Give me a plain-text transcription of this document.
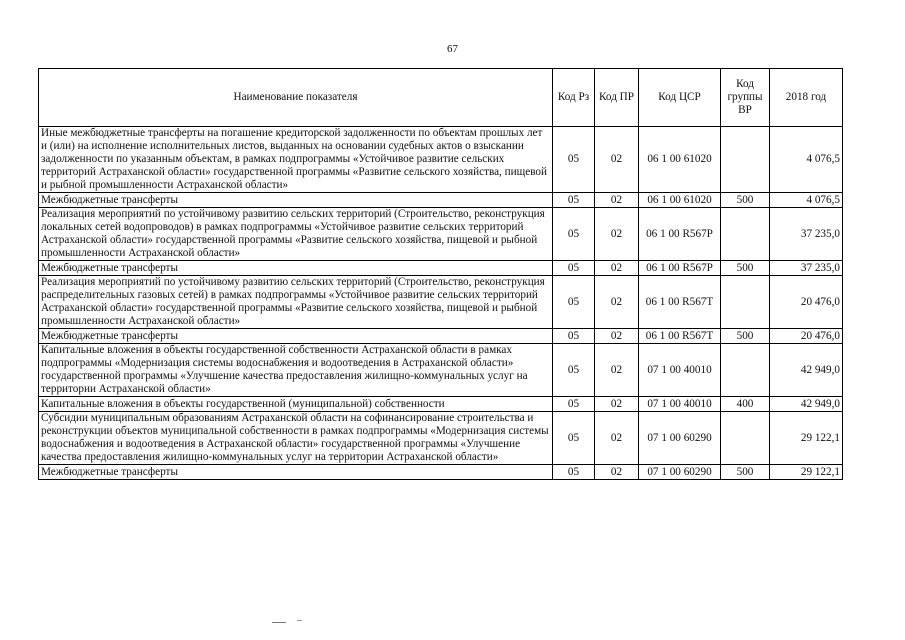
67
Наименование показателя	Код Рз	Код ПР	Код ЦСР	Код группы ВР	2018 год
Иные межбюджетные трансферты на погашение кредиторской задолженности по объектам прошлых лет и (или) на исполнение исполнительных листов, выданных на основании судебных актов о взыскании задолженности по указанным объектам, в рамках подпрограммы «Устойчивое развитие сельских территорий Астраханской области» государственной программы «Развитие сельского хозяйства, пищевой и рыбной промышленности Астраханской области»	05	02	06 1 00 61020		4 076,5
Межбюджетные трансферты	05	02	06 1 00 61020	500	4 076,5
Реализация мероприятий по устойчивому развитию сельских территорий (Строительство, реконструкция локальных сетей водопроводов) в рамках подпрограммы «Устойчивое развитие сельских территорий Астраханской области» государственной программы «Развитие сельского хозяйства, пищевой и рыбной промышленности Астраханской области»	05	02	06 1 00 R567P		37 235,0
Межбюджетные трансферты	05	02	06 1 00 R567P	500	37 235,0
Реализация мероприятий по устойчивому развитию сельских территорий (Строительство, реконструкция распределительных газовых сетей) в рамках подпрограммы «Устойчивое развитие сельских территорий Астраханской области» государственной программы «Развитие сельского хозяйства, пищевой и рыбной промышленности Астраханской области»	05	02	06 1 00 R567T		20 476,0
Межбюджетные трансферты	05	02	06 1 00 R567T	500	20 476,0
Капитальные вложения в объекты государственной собственности Астраханской области в рамках подпрограммы «Модернизация системы водоснабжения и водоотведения в Астраханской области» государственной программы «Улучшение качества предоставления жилищно-коммунальных услуг на территории Астраханской области»	05	02	07 1 00 40010		42 949,0
Капитальные вложения в объекты государственной (муниципальной) собственности	05	02	07 1 00 40010	400	42 949,0
Субсидии муниципальным образованиям Астраханской области на софинансирование строительства и реконструкции объектов муниципальной собственности в рамках подпрограммы «Модернизация системы водоснабжения и водоотведения в Астраханской области» государственной программы «Улучшение качества предоставления жилищно-коммунальных услуг на территории Астраханской области»	05	02	07 1 00 60290		29 122,1
Межбюджетные трансферты	05	02	07 1 00 60290	500	29 122,1
